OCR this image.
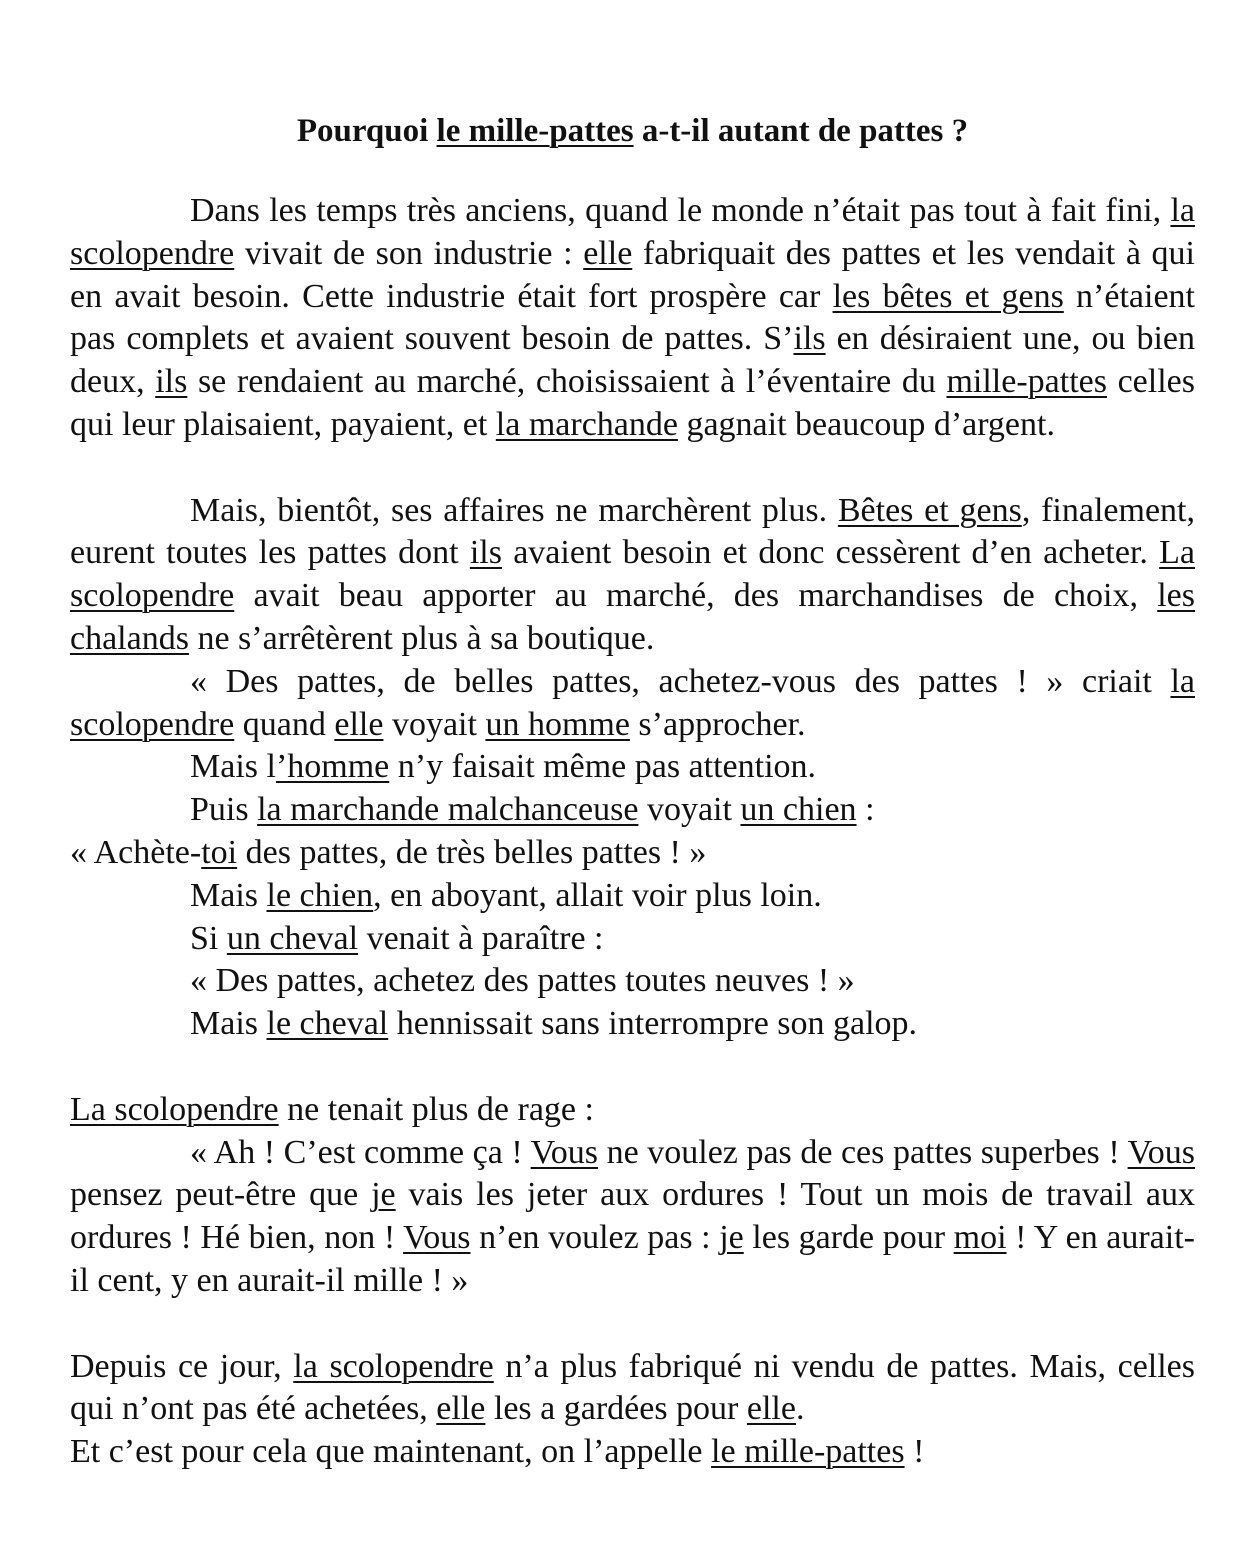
Pourquoi le mille-pattes a-t-il autant de pattes ?

Dans les temps très anciens, quand le monde n’était pas tout à fait fini, la scolopendre vivait de son industrie : elle fabriquait des pattes et les vendait à qui en avait besoin. Cette industrie était fort prospère car les bêtes et gens n’étaient pas complets et avaient souvent besoin de pattes. S’ils en désiraient une, ou bien deux, ils se rendaient au marché, choisissaient à l’éventaire du mille-pattes celles qui leur plaisaient, payaient, et la marchande gagnait beaucoup d’argent.

Mais, bientôt, ses affaires ne marchèrent plus. Bêtes et gens, finalement, eurent toutes les pattes dont ils avaient besoin et donc cessèrent d’en acheter. La scolopendre avait beau apporter au marché, des marchandises de choix, les chalands ne s’arrêtèrent plus à sa boutique.

« Des pattes, de belles pattes, achetez-vous des pattes ! » criait la scolopendre quand elle voyait un homme s’approcher.

Mais l’homme n’y faisait même pas attention.

Puis la marchande malchanceuse voyait un chien :

« Achète-toi des pattes, de très belles pattes ! »

Mais le chien, en aboyant, allait voir plus loin.

Si un cheval venait à paraître :

« Des pattes, achetez des pattes toutes neuves ! »

Mais le cheval hennissait sans interrompre son galop.

La scolopendre ne tenait plus de rage :

« Ah ! C’est comme ça ! Vous ne voulez pas de ces pattes superbes ! Vous pensez peut-être que je vais les jeter aux ordures ! Tout un mois de travail aux ordures ! Hé bien, non ! Vous n’en voulez pas : je les garde pour moi ! Y en aurait-il cent, y en aurait-il mille ! »

Depuis ce jour, la scolopendre n’a plus fabriqué ni vendu de pattes. Mais, celles qui n’ont pas été achetées, elle les a gardées pour elle.

Et c’est pour cela que maintenant, on l’appelle le mille-pattes !
